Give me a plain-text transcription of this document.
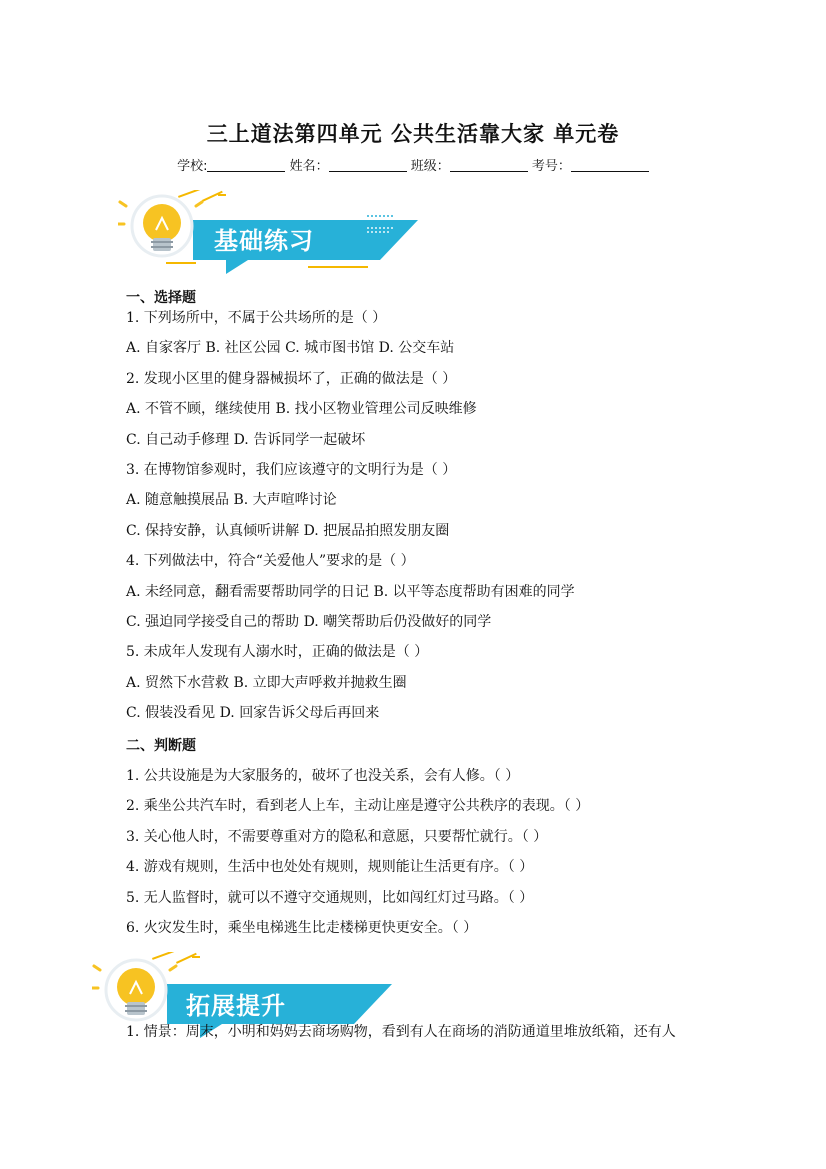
三上道法第四单元 公共生活靠大家 单元卷
学校:	姓名：	班级：	考号：
基础练习
一、选择题
1. 下列场所中，不属于公共场所的是（ ）
A. 自家客厅 B. 社区公园 C. 城市图书馆 D. 公交车站
2. 发现小区里的健身器械损坏了，正确的做法是（ ）
A. 不管不顾，继续使用 B. 找小区物业管理公司反映维修
C. 自己动手修理 D. 告诉同学一起破坏
3. 在博物馆参观时，我们应该遵守的文明行为是（ ）
A. 随意触摸展品 B. 大声喧哗讨论
C. 保持安静，认真倾听讲解 D. 把展品拍照发朋友圈
4. 下列做法中，符合“关爱他人”要求的是（ ）
A. 未经同意，翻看需要帮助同学的日记 B. 以平等态度帮助有困难的同学
C. 强迫同学接受自己的帮助 D. 嘲笑帮助后仍没做好的同学
5. 未成年人发现有人溺水时，正确的做法是（ ）
A. 贸然下水营救 B. 立即大声呼救并抛救生圈
C. 假装没看见 D. 回家告诉父母后再回来
二、判断题
1. 公共设施是为大家服务的，破坏了也没关系，会有人修。（ ）
2. 乘坐公共汽车时，看到老人上车，主动让座是遵守公共秩序的表现。（ ）
3. 关心他人时，不需要尊重对方的隐私和意愿，只要帮忙就行。（ ）
4. 游戏有规则，生活中也处处有规则，规则能让生活更有序。（ ）
5. 无人监督时，就可以不遵守交通规则，比如闯红灯过马路。（ ）
6. 火灾发生时，乘坐电梯逃生比走楼梯更快更安全。（ ）
拓展提升
1. 情景：周末，小明和妈妈去商场购物，看到有人在商场的消防通道里堆放纸箱，还有人
